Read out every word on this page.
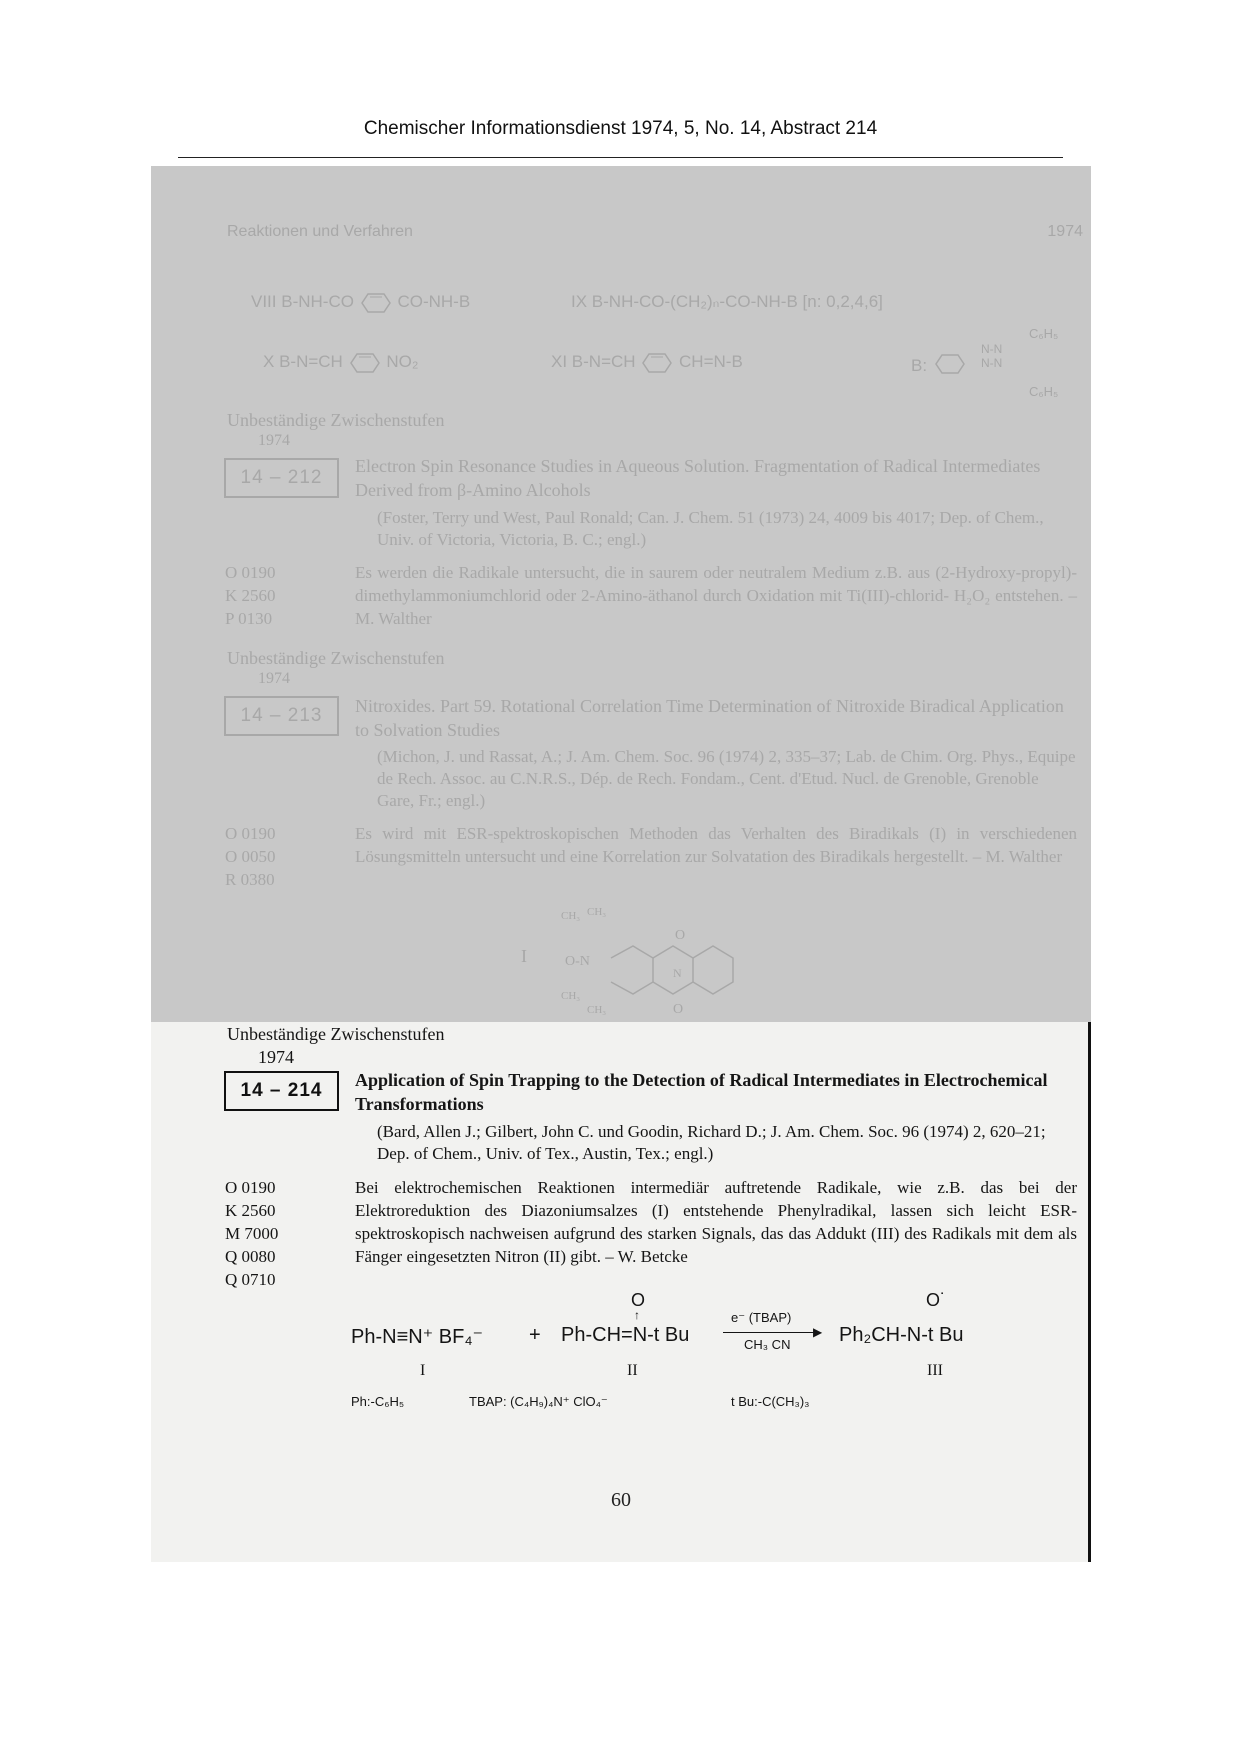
Chemischer Informationsdienst 1974, 5, No. 14, Abstract 214
Reaktionen und Verfahren	1974
VIII B-NH-CO	CO-NH-B	IX B-NH-CO-(CH₂)ₙ-CO-NH-B [n: 0,2,4,6]
X B-N=CH	NO₂	XI B-N=CH	CH=N-B	B:
N-N N-N
C₆H₅
C₆H₅
Unbeständige Zwischenstufen
1974
14 – 212
Electron Spin Resonance Studies in Aqueous Solution. Fragmentation of Radical Intermediates Derived from β-Amino Alcohols
(Foster, Terry und West, Paul Ronald; Can. J. Chem. 51 (1973) 24, 4009 bis 4017; Dep. of Chem., Univ. of Victoria, Victoria, B. C.; engl.)
O 0190
K 2560
P 0130
Es werden die Radikale untersucht, die in saurem oder neutralem Medium z.B. aus (2-Hydroxy-propyl)-dimethylammoniumchlorid oder 2-Amino-äthanol durch Oxidation mit Ti(III)-chlorid- H₂O₂ entstehen. – M. Walther
Unbeständige Zwischenstufen
1974
14 – 213	Nitroxides. Part 59. Rotational Correlation Time Determination of Nitroxide Biradical Application to Solvation Studies
(Michon, J. und Rassat, A.; J. Am. Chem. Soc. 96 (1974) 2, 335–37; Lab. de Chim. Org. Phys., Equipe de Rech. Assoc. au C.N.R.S., Dép. de Rech. Fondam., Cent. d'Etud. Nucl. de Grenoble, Grenoble Gare, Fr.; engl.)
O 0190
O 0050
R 0380
Es wird mit ESR-spektroskopischen Methoden das Verhalten des Biradikals (I) in verschiedenen Lösungsmitteln untersucht und eine Korrelation zur Solvatation des Biradikals hergestellt. – M. Walther
I
CH₃ CH₃
CH₃
CH₃
O-N
N
O
O
Unbeständige Zwischenstufen
1974
14 – 214	Application of Spin Trapping to the Detection of Radical Intermediates in Electrochemical Transformations
(Bard, Allen J.; Gilbert, John C. und Goodin, Richard D.; J. Am. Chem. Soc. 96 (1974) 2, 620–21; Dep. of Chem., Univ. of Tex., Austin, Tex.; engl.)
O 0190
K 2560
M 7000
Q 0080
Q 0710
Bei elektrochemischen Reaktionen intermediär auftretende Radikale, wie z.B. das bei der Elektroreduktion des Diazoniumsalzes (I) entstehende Phenylradikal, lassen sich leicht ESR-spektroskopisch nachweisen aufgrund des starken Signals, das das Addukt (III) des Radikals mit dem als Fänger eingesetzten Nitron (II) gibt. – W. Betcke
Ph-N≡N⁺ BF₄⁻ +
O
↑
Ph-CH=N-t Bu
e⁻ (TBAP)
▶
CH₃ CN
O˙
Ph₂CH-N-t Bu
I	II	III
Ph:-C₆H₅	TBAP: (C₄H₉)₄N⁺ ClO₄⁻	t Bu:-C(CH₃)₃
60
